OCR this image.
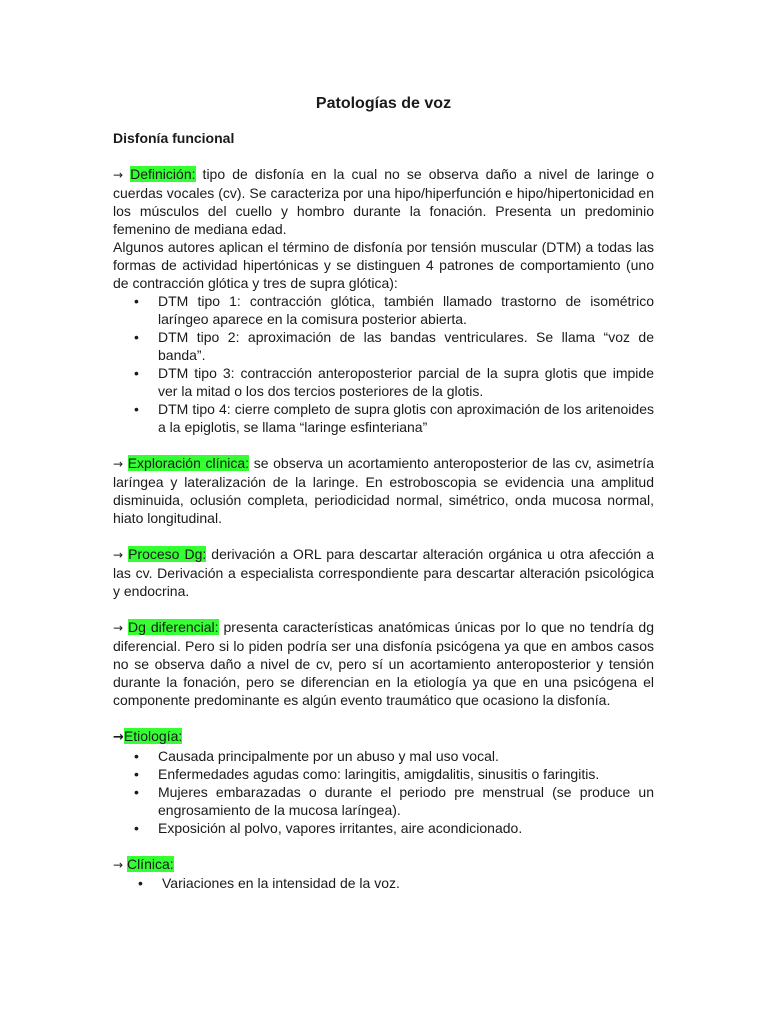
Patologías de voz
Disfonía funcional

→ Definición: tipo de disfonía en la cual no se observa daño a nivel de laringe o cuerdas vocales (cv). Se caracteriza por una hipo/hiperfunción e hipo/hipertonicidad en los músculos del cuello y hombro durante la fonación. Presenta un predominio femenino de mediana edad.

Algunos autores aplican el término de disfonía por tensión muscular (DTM) a todas las formas de actividad hipertónicas y se distinguen 4 patrones de comportamiento (uno de contracción glótica y tres de supra glótica):

• DTM tipo 1: contracción glótica, también llamado trastorno de isométrico laríngeo aparece en la comisura posterior abierta.
• DTM tipo 2: aproximación de las bandas ventriculares. Se llama “voz de banda”.
• DTM tipo 3: contracción anteroposterior parcial de la supra glotis que impide ver la mitad o los dos tercios posteriores de la glotis.
• DTM tipo 4: cierre completo de supra glotis con aproximación de los aritenoides a la epiglotis, se llama “laringe esfinteriana”

→ Exploración clínica: se observa un acortamiento anteroposterior de las cv, asimetría laríngea y lateralización de la laringe. En estroboscopia se evidencia una amplitud disminuida, oclusión completa, periodicidad normal, simétrico, onda mucosa normal, hiato longitudinal.

→ Proceso Dg: derivación a ORL para descartar alteración orgánica u otra afección a las cv. Derivación a especialista correspondiente para descartar alteración psicológica y endocrina.

→ Dg diferencial: presenta características anatómicas únicas por lo que no tendría dg diferencial. Pero si lo piden podría ser una disfonía psicógena ya que en ambos casos no se observa daño a nivel de cv, pero sí un acortamiento anteroposterior y tensión durante la fonación, pero se diferencian en la etiología ya que en una psicógena el componente predominante es algún evento traumático que ocasiono la disfonía.

→Etiología:

• Causada principalmente por un abuso y mal uso vocal.
• Enfermedades agudas como: laringitis, amigdalitis, sinusitis o faringitis.
• Mujeres embarazadas o durante el periodo pre menstrual (se produce un engrosamiento de la mucosa laríngea).
• Exposición al polvo, vapores irritantes, aire acondicionado.

→ Clínica:

• Variaciones en la intensidad de la voz.
